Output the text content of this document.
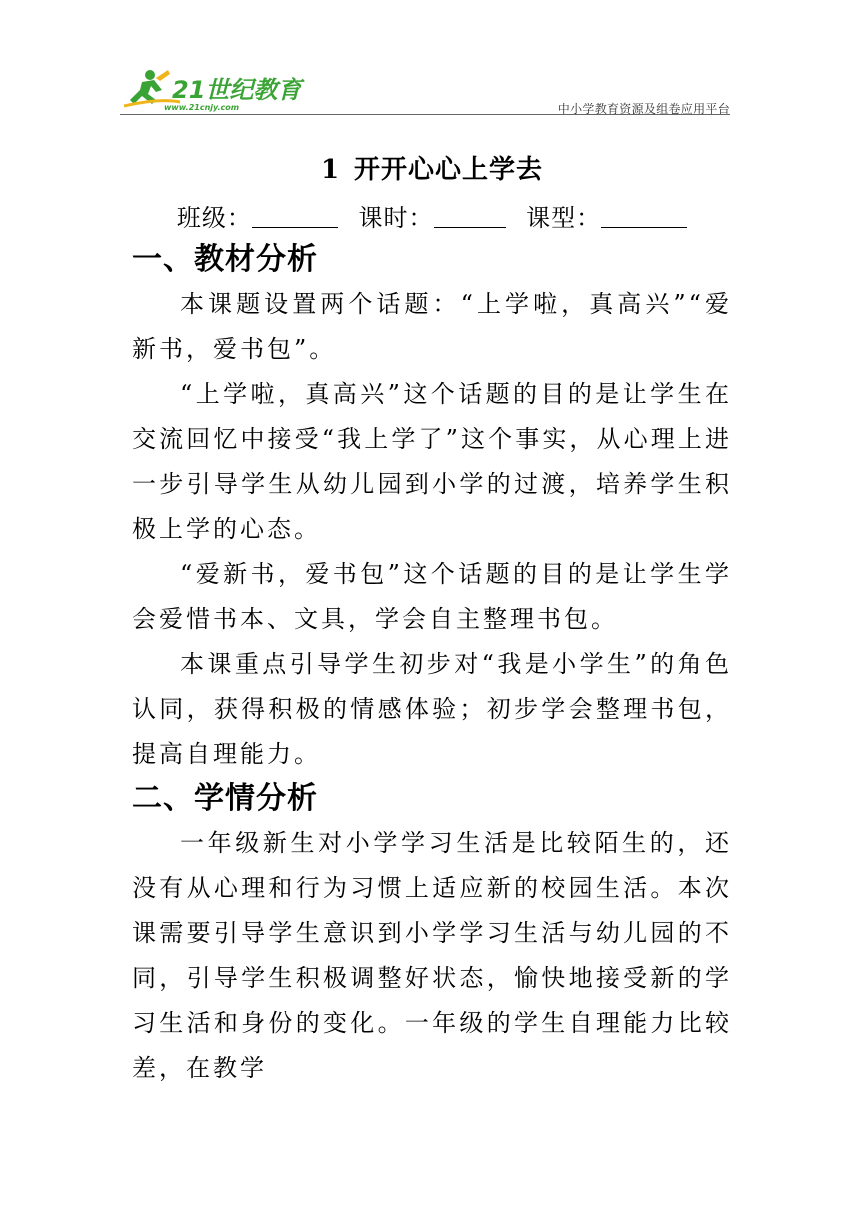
21世纪教育
www.21cnjy.com	中小学教育资源及组卷应用平台
1 开开心心上学去
班级：	课时：	课型：
一、教材分析

本课题设置两个话题：“上学啦，真高兴”“爱新书，爱书包”。

“上学啦，真高兴”这个话题的目的是让学生在交流回忆中接受“我上学了”这个事实，从心理上进一步引导学生从幼儿园到小学的过渡，培养学生积极上学的心态。

“爱新书，爱书包”这个话题的目的是让学生学会爱惜书本、文具，学会自主整理书包。

本课重点引导学生初步对“我是小学生”的角色认同，获得积极的情感体验；初步学会整理书包，提高自理能力。

二、学情分析

一年级新生对小学学习生活是比较陌生的，还没有从心理和行为习惯上适应新的校园生活。本次课需要引导学生意识到小学学习生活与幼儿园的不同，引导学生积极调整好状态，愉快地接受新的学习生活和身份的变化。一年级的学生自理能力比较差，在教学
